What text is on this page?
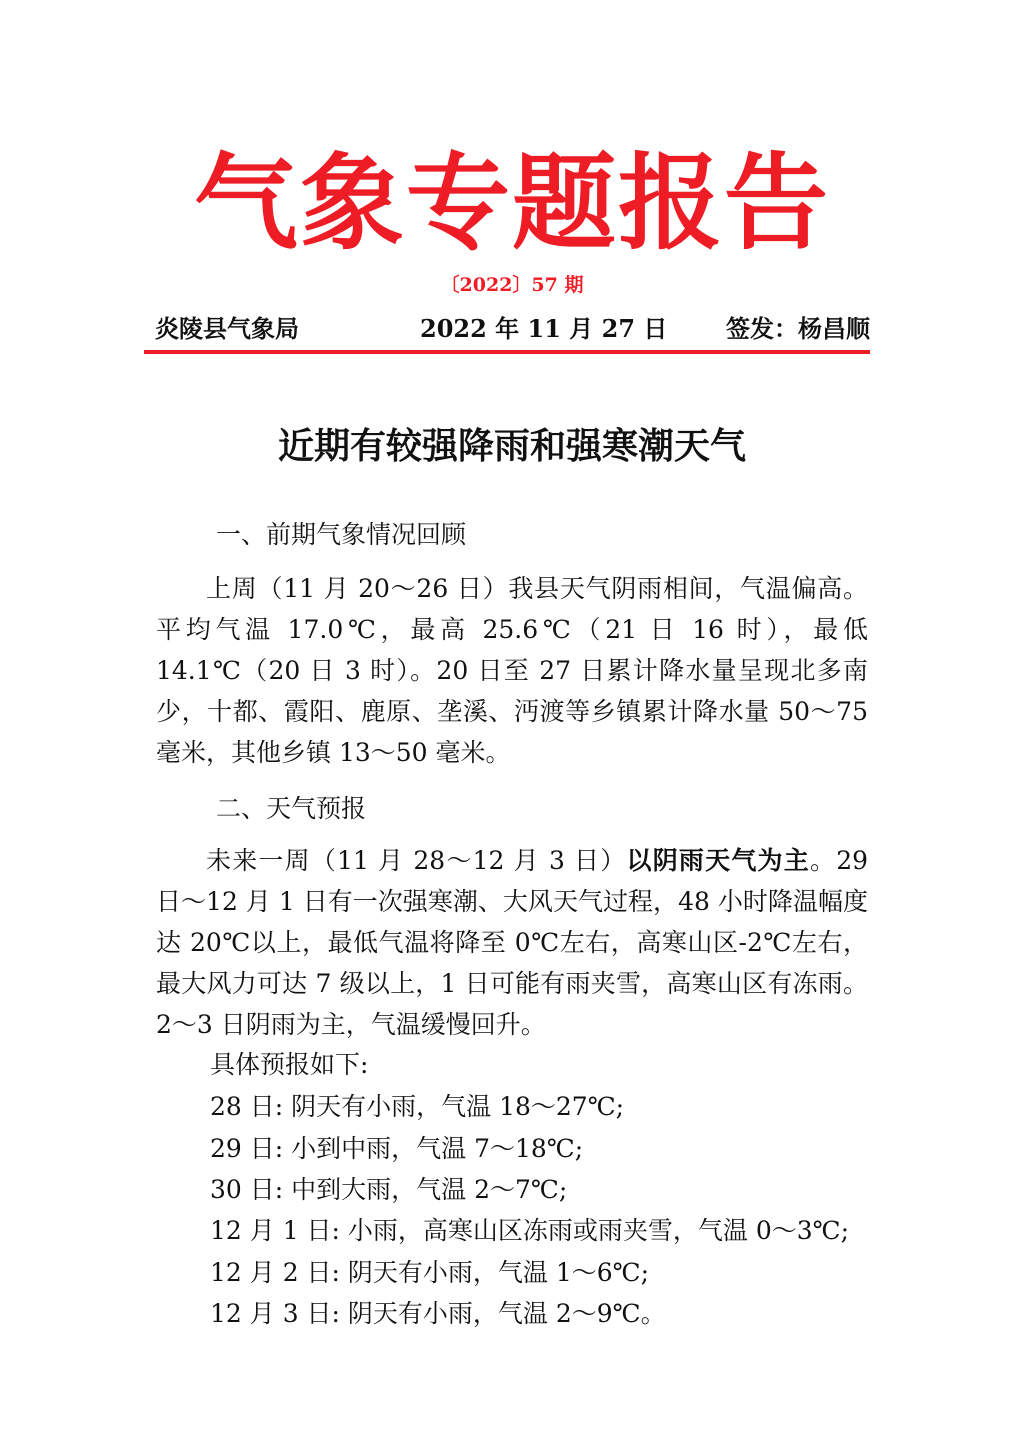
气象专题报告
〔2022〕57 期
炎陵县气象局	2022 年 11 月 27 日 签发：杨昌顺
近期有较强降雨和强寒潮天气
一、前期气象情况回顾

上周（11 月 20～26 日）我县天气阴雨相间，气温偏高。平均气温 17.0℃，最高 25.6℃（21 日 16 时），最低 14.1℃（20 日 3 时）。20 日至 27 日累计降水量呈现北多南少，十都、霞阳、鹿原、垄溪、沔渡等乡镇累计降水量 50～75 毫米，其他乡镇 13～50 毫米。

二、天气预报

未来一周（11 月 28～12 月 3 日）以阴雨天气为主。29 日～12 月 1 日有一次强寒潮、大风天气过程，48 小时降温幅度达 20℃以上，最低气温将降至 0℃左右，高寒山区-2℃左右，最大风力可达 7 级以上，1 日可能有雨夹雪，高寒山区有冻雨。2～3 日阴雨为主，气温缓慢回升。

具体预报如下:
28 日: 阴天有小雨，气温 18～27℃;
29 日: 小到中雨，气温 7～18℃;
30 日: 中到大雨，气温 2～7℃;
12 月 1 日: 小雨，高寒山区冻雨或雨夹雪，气温 0～3℃;
12 月 2 日: 阴天有小雨，气温 1～6℃;
12 月 3 日: 阴天有小雨，气温 2～9℃。
